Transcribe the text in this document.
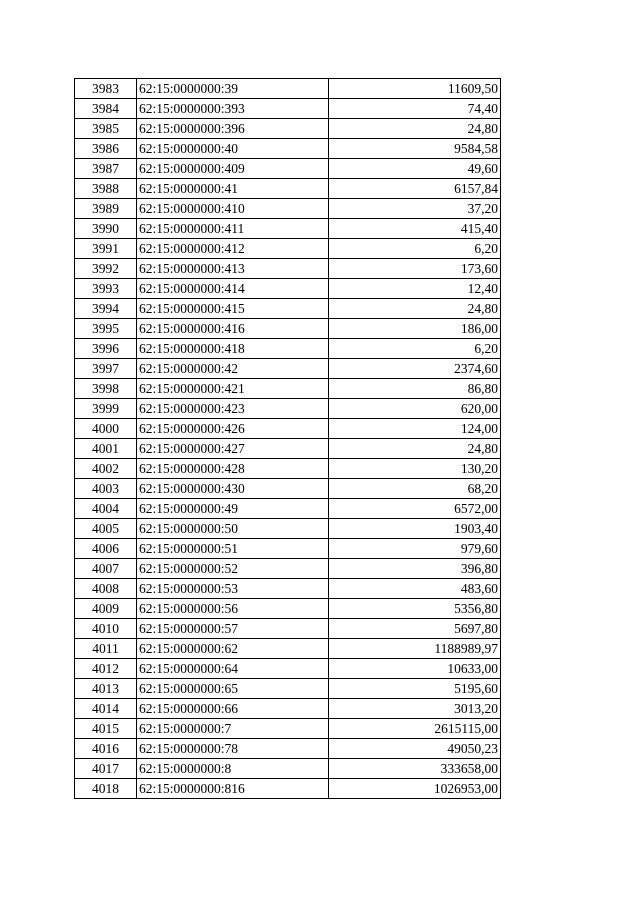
3983	62:15:0000000:39	11609,50
3984	62:15:0000000:393	74,40
3985	62:15:0000000:396	24,80
3986	62:15:0000000:40	9584,58
3987	62:15:0000000:409	49,60
3988	62:15:0000000:41	6157,84
3989	62:15:0000000:410	37,20
3990	62:15:0000000:411	415,40
3991	62:15:0000000:412	6,20
3992	62:15:0000000:413	173,60
3993	62:15:0000000:414	12,40
3994	62:15:0000000:415	24,80
3995	62:15:0000000:416	186,00
3996	62:15:0000000:418	6,20
3997	62:15:0000000:42	2374,60
3998	62:15:0000000:421	86,80
3999	62:15:0000000:423	620,00
4000	62:15:0000000:426	124,00
4001	62:15:0000000:427	24,80
4002	62:15:0000000:428	130,20
4003	62:15:0000000:430	68,20
4004	62:15:0000000:49	6572,00
4005	62:15:0000000:50	1903,40
4006	62:15:0000000:51	979,60
4007	62:15:0000000:52	396,80
4008	62:15:0000000:53	483,60
4009	62:15:0000000:56	5356,80
4010	62:15:0000000:57	5697,80
4011	62:15:0000000:62	1188989,97
4012	62:15:0000000:64	10633,00
4013	62:15:0000000:65	5195,60
4014	62:15:0000000:66	3013,20
4015	62:15:0000000:7	2615115,00
4016	62:15:0000000:78	49050,23
4017	62:15:0000000:8	333658,00
4018	62:15:0000000:816	1026953,00
